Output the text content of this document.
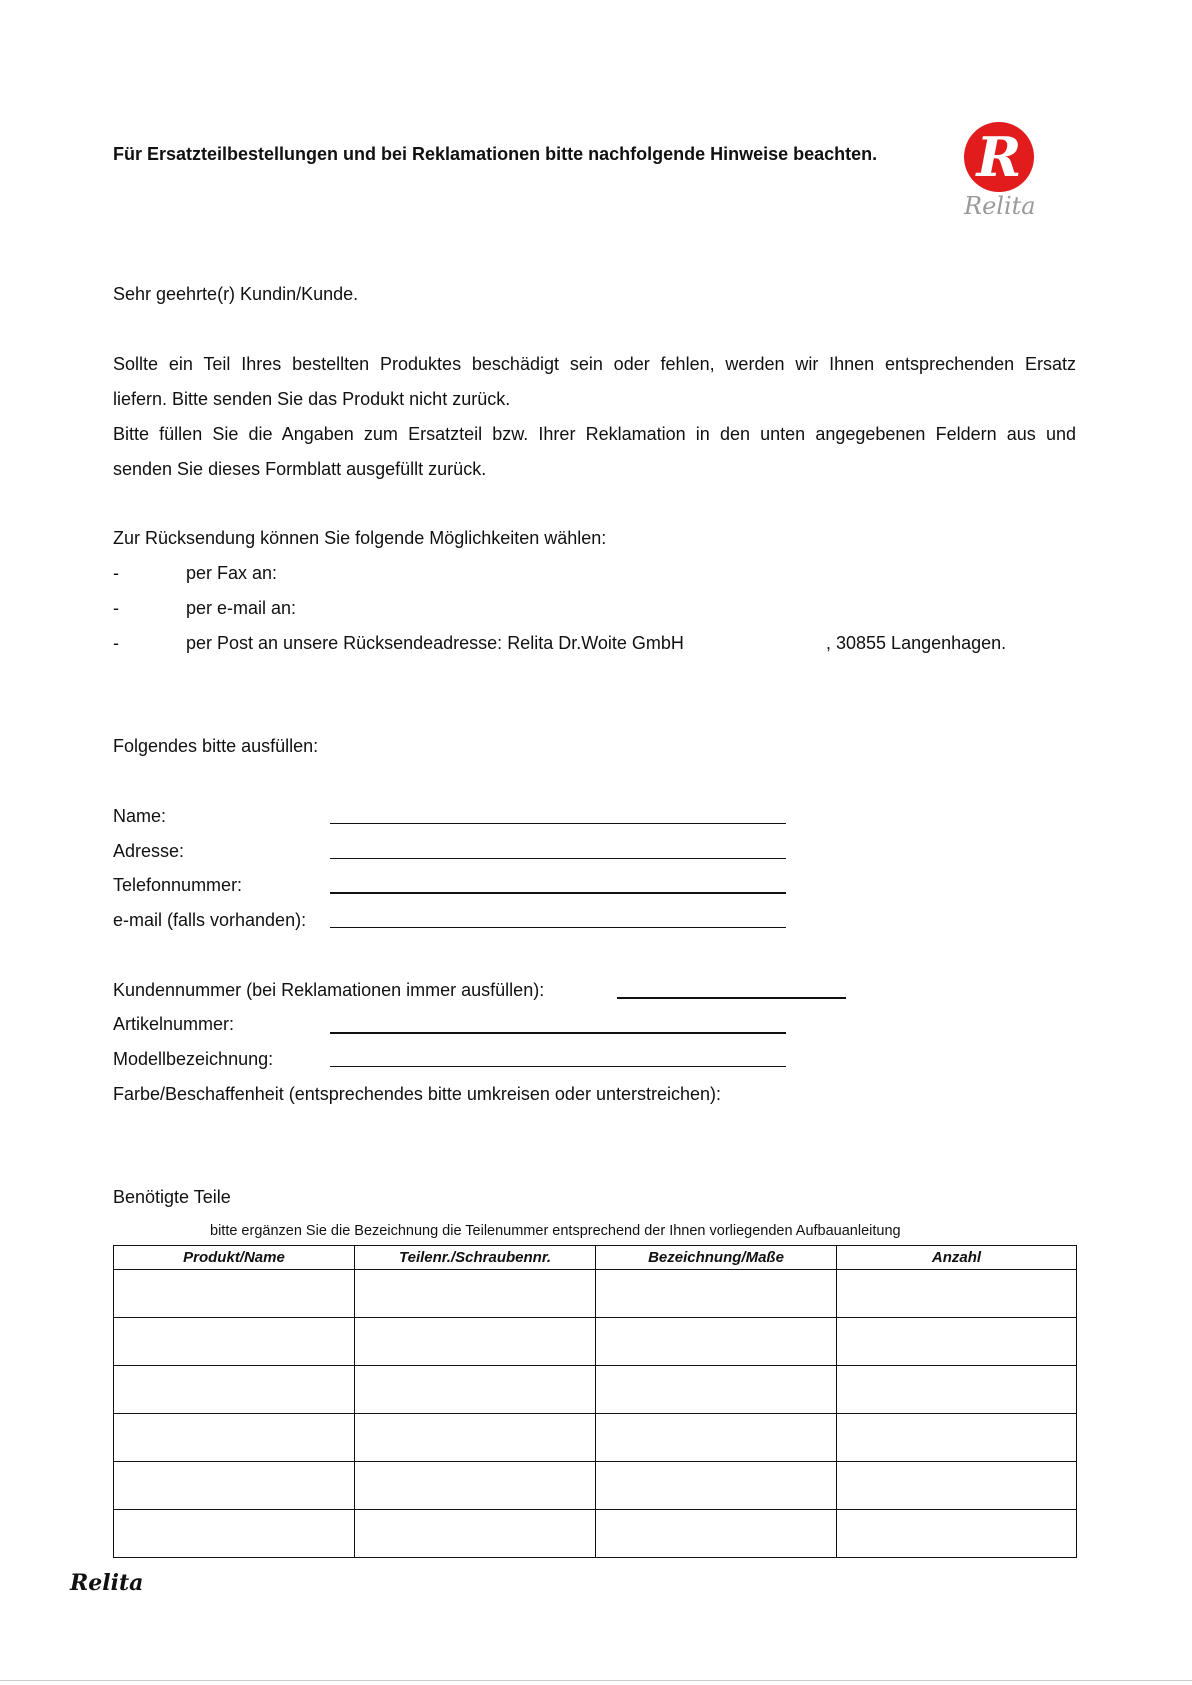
Für Ersatzteilbestellungen und bei Reklamationen bitte nachfolgende Hinweise beachten. R
Relita
Sehr geehrte(r) Kundin/Kunde.
Sollte ein Teil Ihres bestellten Produktes beschädigt sein oder fehlen, werden wir Ihnen entsprechenden Ersatz
liefern. Bitte senden Sie das Produkt nicht zurück.
Bitte füllen Sie die Angaben zum Ersatzteil bzw. Ihrer Reklamation in den unten angegebenen Feldern aus und
senden Sie dieses Formblatt ausgefüllt zurück.
Zur Rücksendung können Sie folgende Möglichkeiten wählen:
-	per Fax an:
-	per e-mail an:
-	per Post an unsere Rücksendeadresse: Relita Dr.Woite GmbH	, 30855 Langenhagen.
Folgendes bitte ausfüllen:
Name:
Adresse:
Telefonnummer:
e-mail (falls vorhanden):
Kundennummer (bei Reklamationen immer ausfüllen):
Artikelnummer:
Modellbezeichnung:
Farbe/Beschaffenheit (entsprechendes bitte umkreisen oder unterstreichen):
Benötigte Teile
bitte ergänzen Sie die Bezeichnung die Teilenummer entsprechend der Ihnen vorliegenden Aufbauanleitung
Produkt/Name	Teilenr./Schraubennr.	Bezeichnung/Maße	Anzahl

Relita
